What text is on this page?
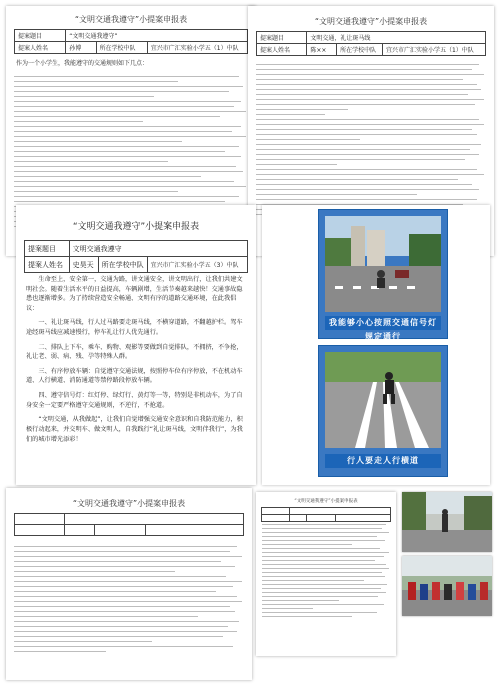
“文明交通我遵守”小提案申报表
提案题目	“文明交通我遵守”		
提案人姓名	孙博	所在学校中队	宜兴市广汇实验小学五（1）中队
作为一个小学生，我能遵守的交通规则如下几点：
“文明交通我遵守”小提案申报表
提案题目	文明交通，礼让斑马线		
提案人姓名	陈××	所在学校中队	宜兴市广汇实验小学五（1）中队
“文明交通我遵守”小提案申报表
提案题目	文明交通我遵守		
提案人姓名	史昊天	所在学校中队	宜兴市广汇实验小学五（3）中队

生命至上，安全第一，交通为路，讲文通安全，讲文明出行，让我们共建文明社会。随着生活水平的日益提高，车辆剧增，生活节奏越来越快！交通事故隐患也逐渐增多。为了持续营造安全畅通、文明有序的道路交通环境，在此我倡议：

一、礼让斑马线，行人过马路要走斑马线，不横穿道路，不翻越护栏。驾车途经斑马线应减速慢行，停车礼让行人优先通行。

二、排队上下车，乘车、购物、观影等要做到自觉排队，不拥挤，不争抢，礼让老、弱、病、残、孕等特殊人群。

三、有序停放车辆：自觉遵守交通法规，按照停车位有序停放，不在机动车道、人行横道、消防通道等禁停路段停放车辆。

四、遵守信号灯：红灯停、绿灯行、黄灯等一等，特别是非机动车，为了自身安全一定要严格遵守交通规则，不逆行，不抢道。

“文明交通，从我做起”，让我们自觉增强交通安全意识和自我防范能力，积极行动起来，并交明车、做文明人，自我践行“礼让斑马线，文明伴我行”，为我们的城市增光添彩！

我能够小心按照交通信号灯规定通行
行人要走人行横道
“文明交通我遵守”小提案申报表

				“文明交通我遵守”小提案申报表
